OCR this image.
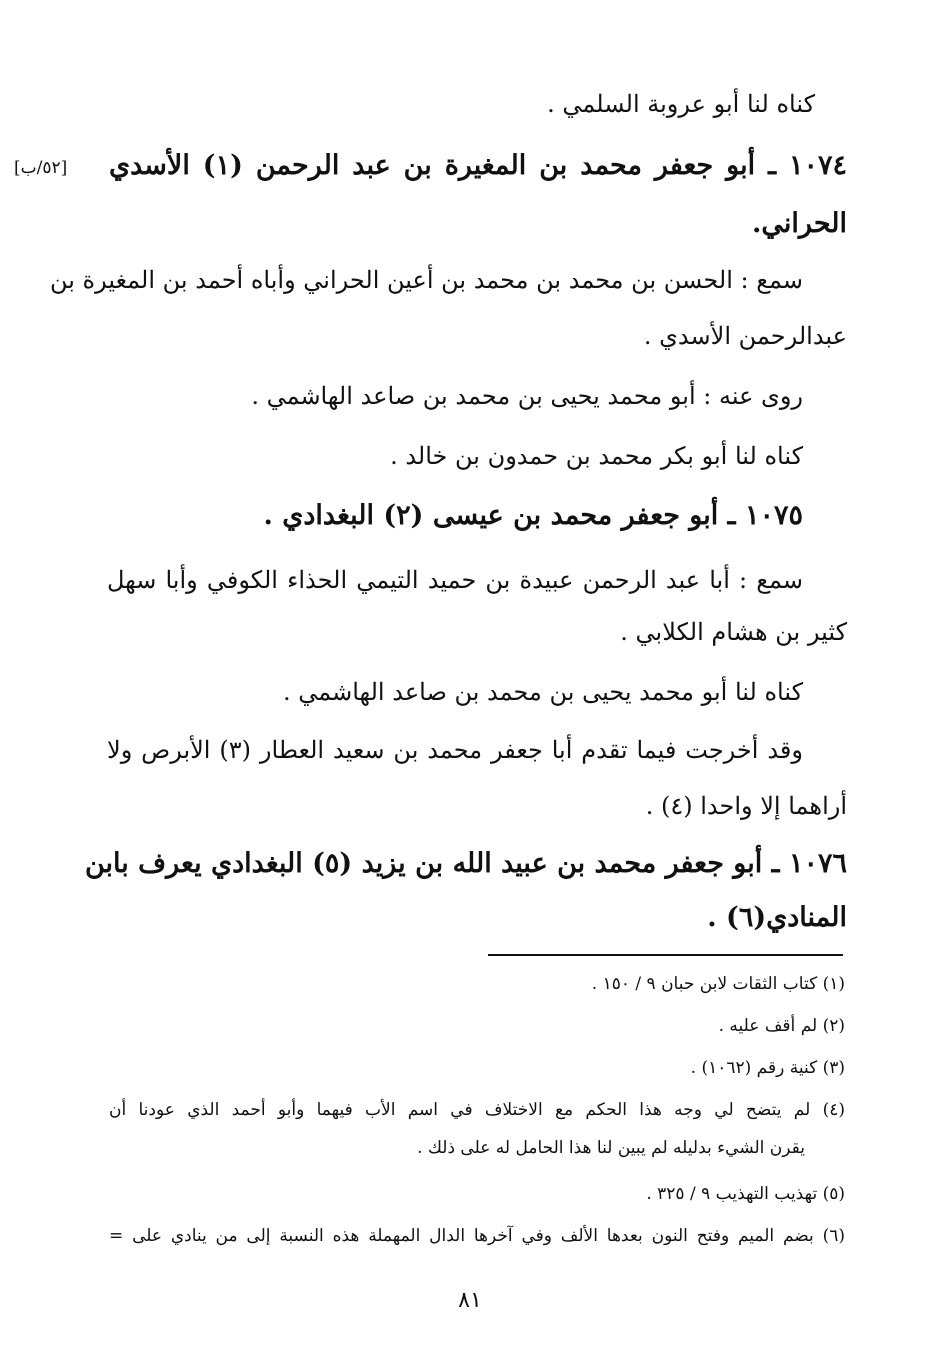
[٥٢/ب]
كناه لنا أبو عروبة السلمي .
١٠٧٤ ـ أبو جعفر محمد بن المغيرة بن عبد الرحمن (١) الأسدي
الحراني.
سمع : الحسن بن محمد بن محمد بن أعين الحراني وأباه أحمد بن المغيرة بن
عبدالرحمن الأسدي .
روى عنه : أبو محمد يحيى بن محمد بن صاعد الهاشمي .
كناه لنا أبو بكر محمد بن حمدون بن خالد .
١٠٧٥ ـ أبو جعفر محمد بن عيسى (٢) البغدادي .
سمع : أبا عبد الرحمن عبيدة بن حميد التيمي الحذاء الكوفي وأبا سهل
كثير بن هشام الكلابي .
كناه لنا أبو محمد يحيى بن محمد بن صاعد الهاشمي .
وقد أخرجت فيما تقدم أبا جعفر محمد بن سعيد العطار (٣) الأبرص ولا
أراهما إلا واحدا (٤) .
١٠٧٦ ـ أبو جعفر محمد بن عبيد الله بن يزيد (٥) البغدادي يعرف بابن
المنادي(٦) .
(١) كتاب الثقات لابن حبان ٩ / ١٥٠ .
(٢) لم أقف عليه .
(٣) كنية رقم (١٠٦٢) .
(٤) لم يتضح لي وجه هذا الحكم مع الاختلاف في اسم الأب فيهما وأبو أحمد الذي عودنا أن
يقرن الشيء بدليله لم يبين لنا هذا الحامل له على ذلك .
(٥) تهذيب التهذيب ٩ / ٣٢٥ .
(٦) بضم الميم وفتح النون بعدها الألف وفي آخرها الدال المهملة هذه النسبة إلى من ينادي على =
٨١
